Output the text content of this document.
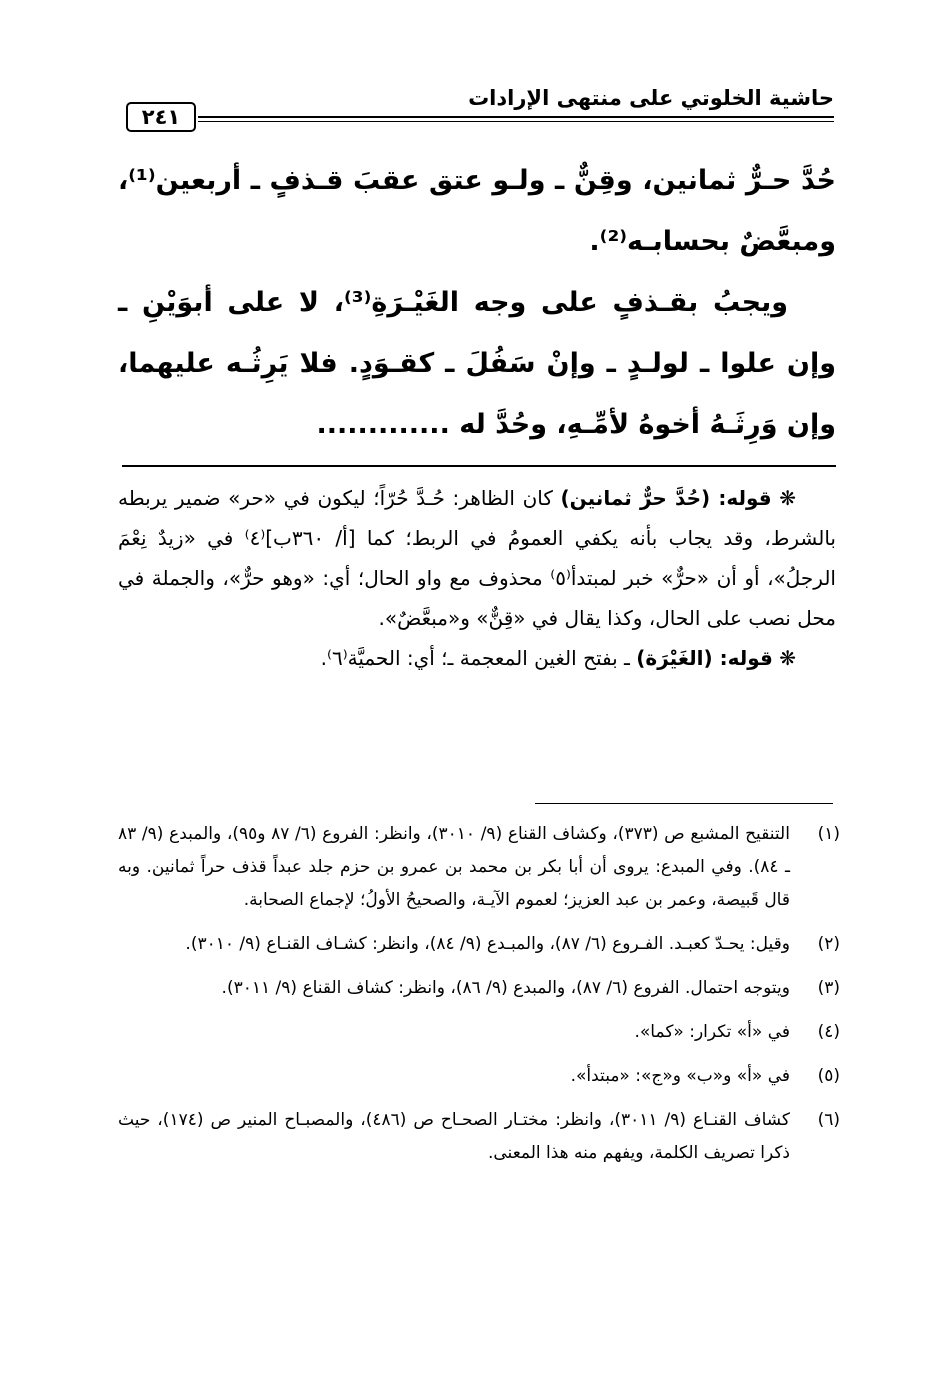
٢٤١
حاشية الخلوتي على منتهى الإرادات

حُدَّ حـرٌّ ثمانين، وقِنٌّ ـ ولـو عتق عقبَ قـذفٍ ـ أربعين⁽¹⁾، ومبعَّضٌ بحسابـه⁽²⁾.

ويجبُ بقـذفٍ على وجه الغَيْـرَةِ⁽³⁾، لا على أبوَيْنِ ـ وإن علوا ـ لولـدٍ ـ وإنْ سَفُلَ ـ كقـوَدٍ. فلا يَرِثُـه عليهما، وإن وَرِثَـهُ أخوهُ لأمِّـهِ، وحُدَّ له .............

❋ قوله: (حُدَّ حرٌّ ثمانين) كان الظاهر: حُـدَّ حُرّاً؛ ليكون في «حر» ضمير يربطه بالشرط، وقد يجاب بأنه يكفي العمومُ في الربط؛ كما [أ/ ٣٦٠ب]⁽٤⁾ في «زيدٌ نِعْمَ الرجلُ»، أو أن «حرٌّ» خبر لمبتدأ⁽٥⁾ محذوف مع واو الحال؛ أي: «وهو حرٌّ»، والجملة في محل نصب على الحال، وكذا يقال في «قِنٌّ» و«مبعَّضٌ».

❋ قوله: (الغَيْرَة) ـ بفتح الغين المعجمة ـ؛ أي: الحميَّة⁽٦⁾.

(١)
التنقيح المشبع ص (٣٧٣)، وكشاف القناع (٩/ ٣٠١٠)، وانظر: الفروع (٦/ ٨٧ و٩٥)، والمبدع (٩/ ٨٣ ـ ٨٤). وفي المبدع: يروى أن أبا بكر بن محمد بن عمرو بن حزم جلد عبداً قذف حراً ثمانين. وبه قال قَبيصة، وعمر بن عبد العزيز؛ لعموم الآيـة، والصحيحُ الأولُ؛ لإجماع الصحابة.
(٢)
وقيل: يحـدّ كعبـد. الفـروع (٦/ ٨٧)، والمبـدع (٩/ ٨٤)، وانظر: كشـاف القنـاع (٩/ ٣٠١٠).
(٣)
ويتوجه احتمال. الفروع (٦/ ٨٧)، والمبدع (٩/ ٨٦)، وانظر: كشاف القناع (٩/ ٣٠١١).
(٤)
في «أ» تكرار: «كما».
(٥)
في «أ» و«ب» و«ج»: «مبتدأ».
(٦)
كشاف القنـاع (٩/ ٣٠١١)، وانظر: مختـار الصحـاح ص (٤٨٦)، والمصبـاح المنير ص (١٧٤)، حيث ذكرا تصريف الكلمة، ويفهم منه هذا المعنى.
